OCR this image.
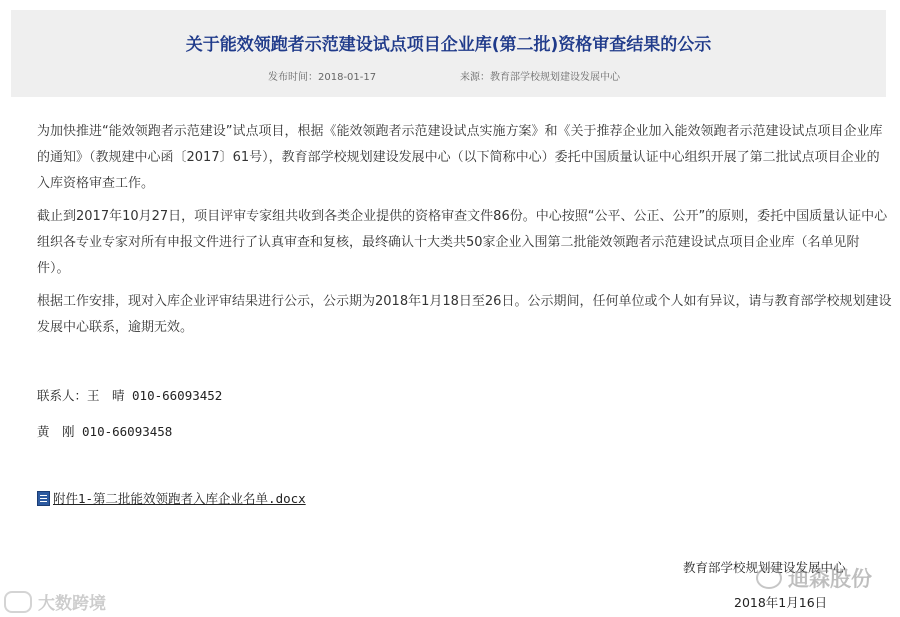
关于能效领跑者示范建设试点项目企业库(第二批)资格审查结果的公示
发布时间：2018-01-17	来源：教育部学校规划建设发展中心
为加快推进“能效领跑者示范建设”试点项目，根据《能效领跑者示范建设试点实施方案》和《关于推荐企业加入能效领跑者示范建设试点项目企业库的通知》（教规建中心函〔2017〕61号），教育部学校规划建设发展中心（以下简称中心）委托中国质量认证中心组织开展了第二批试点项目企业的入库资格审查工作。
截止到2017年10月27日，项目评审专家组共收到各类企业提供的资格审查文件86份。中心按照“公平、公正、公开”的原则，委托中国质量认证中心组织各专业专家对所有申报文件进行了认真审查和复核，最终确认十大类共50家企业入围第二批能效领跑者示范建设试点项目企业库（名单见附件）。
根据工作安排，现对入库企业评审结果进行公示，公示期为2018年1月18日至26日。公示期间，任何单位或个人如有异议，请与教育部学校规划建设发展中心联系，逾期无效。
联系人：王　晴 010-66093452
黄　刚 010-66093458
附件1-第二批能效领跑者入库企业名单.docx
教育部学校规划建设发展中心
2018年1月16日
迪森股份
大数跨境
